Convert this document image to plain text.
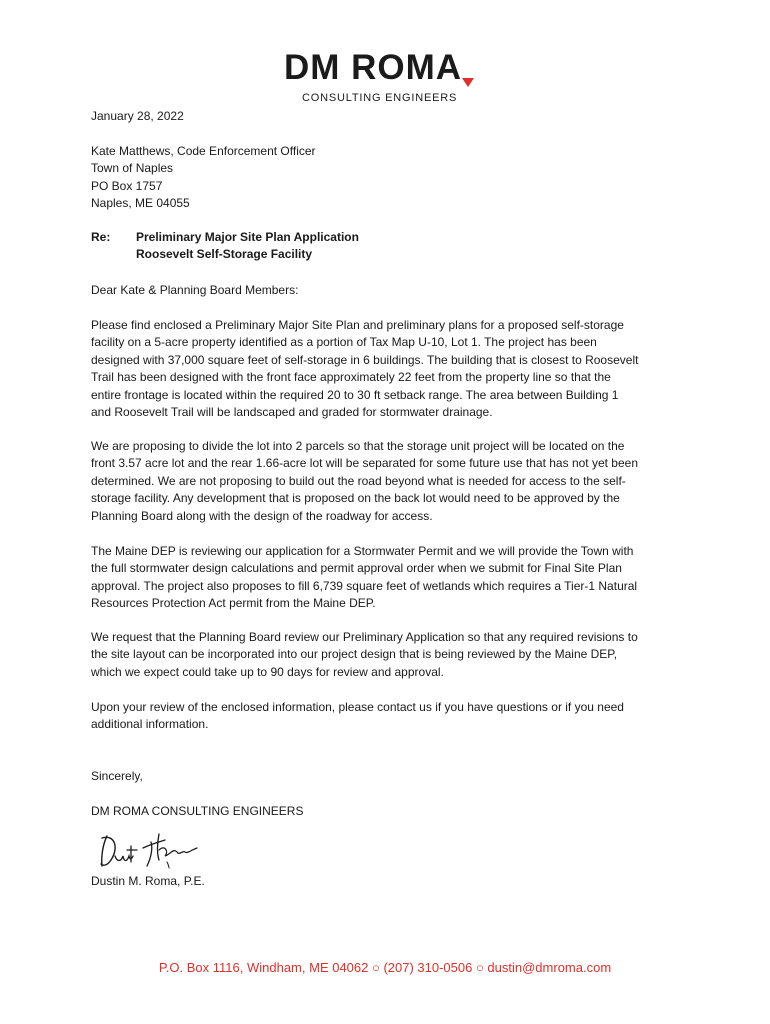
DM ROMA
CONSULTING ENGINEERS
January 28, 2022
Kate Matthews, Code Enforcement Officer
Town of Naples
PO Box 1757
Naples, ME 04055
Re: Preliminary Major Site Plan Application
Roosevelt Self-Storage Facility
Dear Kate & Planning Board Members:
Please find enclosed a Preliminary Major Site Plan and preliminary plans for a proposed self-storage
facility on a 5-acre property identified as a portion of Tax Map U-10, Lot 1. The project has been
designed with 37,000 square feet of self-storage in 6 buildings. The building that is closest to Roosevelt
Trail has been designed with the front face approximately 22 feet from the property line so that the
entire frontage is located within the required 20 to 30 ft setback range. The area between Building 1
and Roosevelt Trail will be landscaped and graded for stormwater drainage.
We are proposing to divide the lot into 2 parcels so that the storage unit project will be located on the
front 3.57 acre lot and the rear 1.66-acre lot will be separated for some future use that has not yet been
determined. We are not proposing to build out the road beyond what is needed for access to the self-
storage facility. Any development that is proposed on the back lot would need to be approved by the
Planning Board along with the design of the roadway for access.
The Maine DEP is reviewing our application for a Stormwater Permit and we will provide the Town with
the full stormwater design calculations and permit approval order when we submit for Final Site Plan
approval. The project also proposes to fill 6,739 square feet of wetlands which requires a Tier-1 Natural
Resources Protection Act permit from the Maine DEP.
We request that the Planning Board review our Preliminary Application so that any required revisions to
the site layout can be incorporated into our project design that is being reviewed by the Maine DEP,
which we expect could take up to 90 days for review and approval.
Upon your review of the enclosed information, please contact us if you have questions or if you need
additional information.
Sincerely,
DM ROMA CONSULTING ENGINEERS
Dustin M. Roma, P.E.
P.O. Box 1116, Windham, ME 04062 ○ (207) 310-0506 ○ dustin@dmroma.com
